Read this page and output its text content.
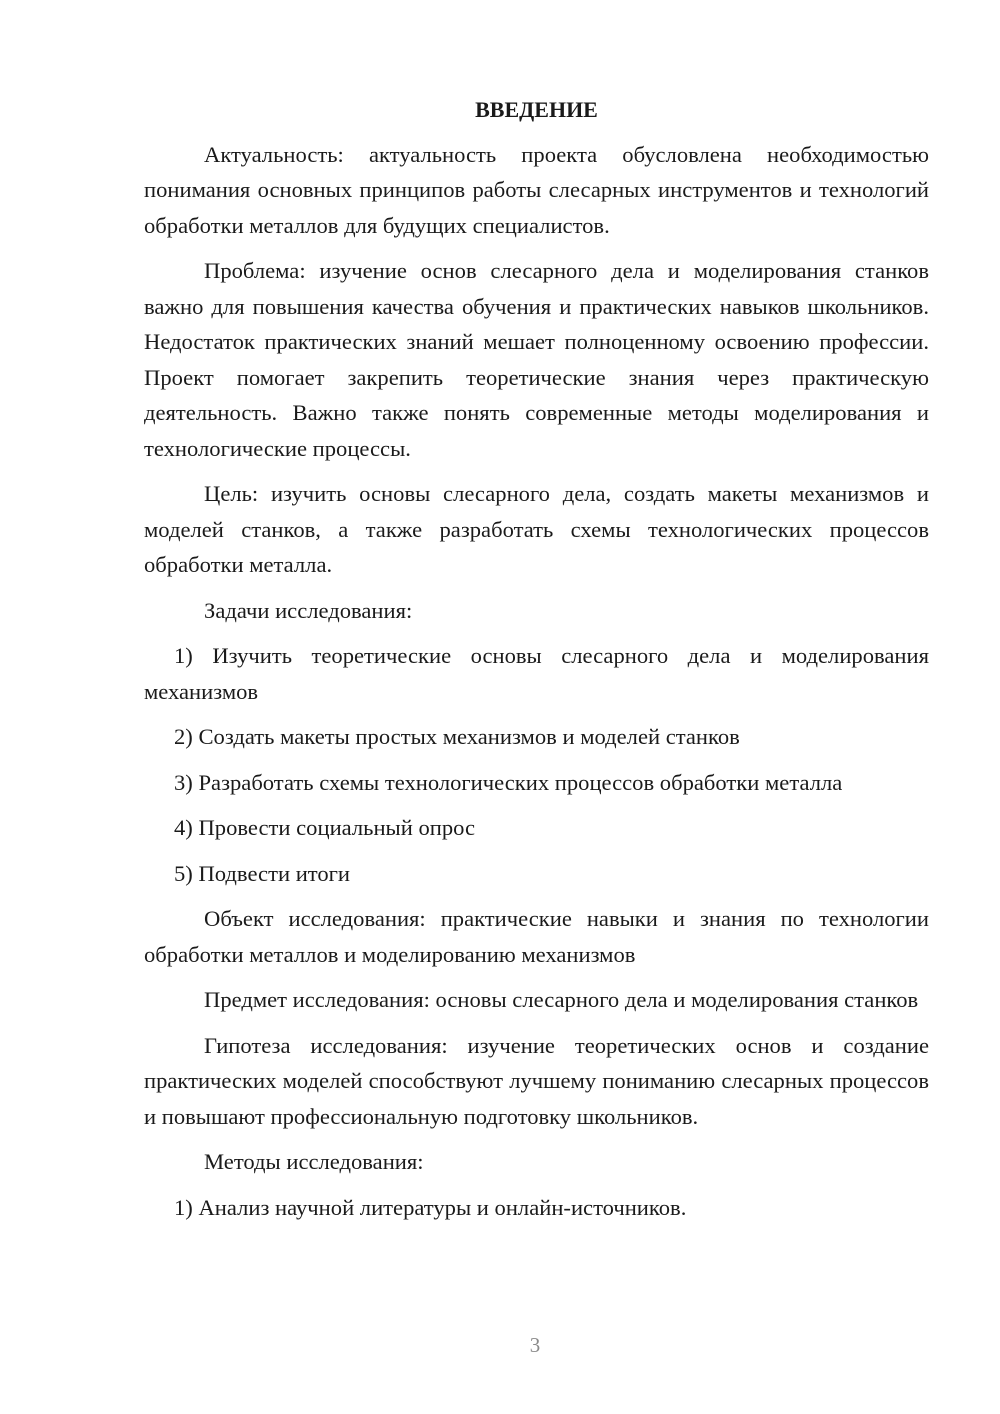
ВВЕДЕНИЕ

Актуальность: актуальность проекта обусловлена необходимостью понимания основных принципов работы слесарных инструментов и технологий обработки металлов для будущих специалистов.

Проблема: изучение основ слесарного дела и моделирования станков важно для повышения качества обучения и практических навыков школьников. Недостаток практических знаний мешает полноценному освоению профессии. Проект помогает закрепить теоретические знания через практическую деятельность. Важно также понять современные методы моделирования и технологические процессы.

Цель: изучить основы слесарного дела, создать макеты механизмов и моделей станков, а также разработать схемы технологических процессов обработки металла.

Задачи исследования:

1) Изучить теоретические основы слесарного дела и моделирования механизмов

2) Создать макеты простых механизмов и моделей станков

3) Разработать схемы технологических процессов обработки металла

4) Провести социальный опрос

5) Подвести итоги

Объект исследования: практические навыки и знания по технологии обработки металлов и моделированию механизмов

Предмет исследования: основы слесарного дела и моделирования станков

Гипотеза исследования: изучение теоретических основ и создание практических моделей способствуют лучшему пониманию слесарных процессов и повышают профессиональную подготовку школьников.

Методы исследования:

1) Анализ научной литературы и онлайн-источников.

3
